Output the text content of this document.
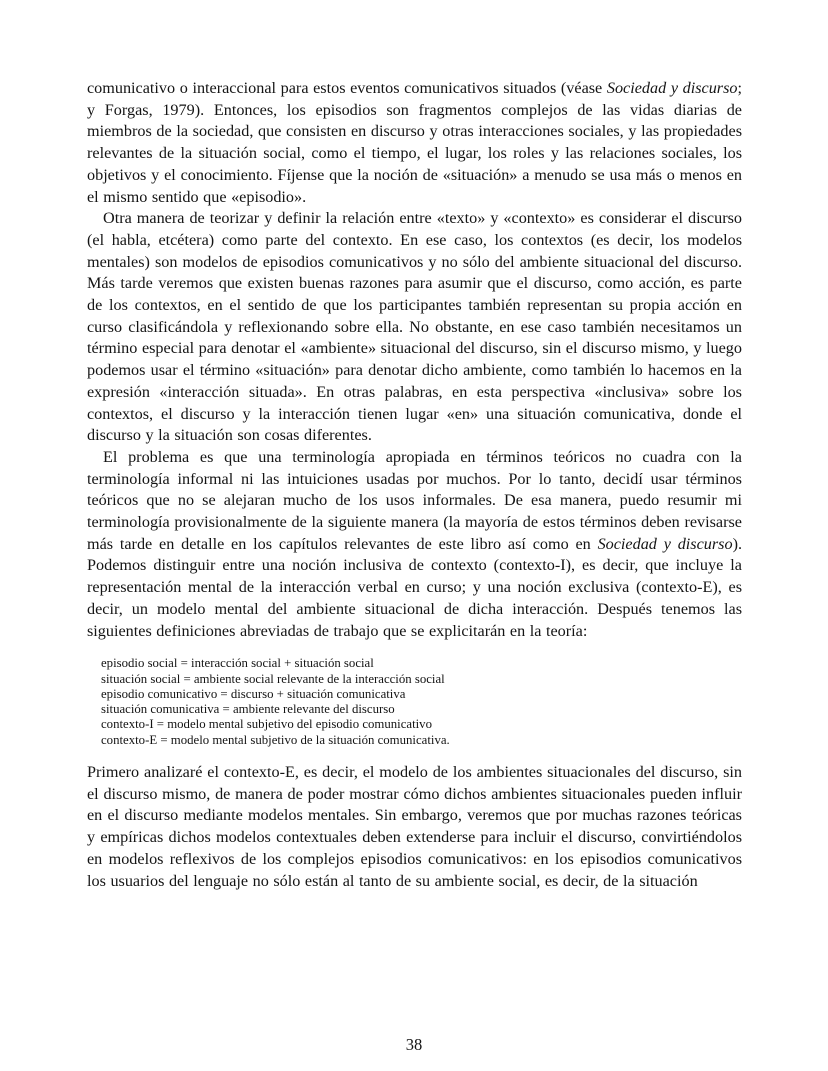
comunicativo o interaccional para estos eventos comunicativos situados (véase Sociedad y discurso; y Forgas, 1979). Entonces, los episodios son fragmentos complejos de las vidas diarias de miembros de la sociedad, que consisten en discurso y otras interacciones sociales, y las propiedades relevantes de la situación social, como el tiempo, el lugar, los roles y las relaciones sociales, los objetivos y el conocimiento. Fíjense que la noción de «situación» a menudo se usa más o menos en el mismo sentido que «episodio».

Otra manera de teorizar y definir la relación entre «texto» y «contexto» es considerar el discurso (el habla, etcétera) como parte del contexto. En ese caso, los contextos (es decir, los modelos mentales) son modelos de episodios comunicativos y no sólo del ambiente situacional del discurso. Más tarde veremos que existen buenas razones para asumir que el discurso, como acción, es parte de los contextos, en el sentido de que los participantes también representan su propia acción en curso clasificándola y reflexionando sobre ella. No obstante, en ese caso también necesitamos un término especial para denotar el «ambiente» situacional del discurso, sin el discurso mismo, y luego podemos usar el término «situación» para denotar dicho ambiente, como también lo hacemos en la expresión «interacción situada». En otras palabras, en esta perspectiva «inclusiva» sobre los contextos, el discurso y la interacción tienen lugar «en» una situación comunicativa, donde el discurso y la situación son cosas diferentes.

El problema es que una terminología apropiada en términos teóricos no cuadra con la terminología informal ni las intuiciones usadas por muchos. Por lo tanto, decidí usar términos teóricos que no se alejaran mucho de los usos informales. De esa manera, puedo resumir mi terminología provisionalmente de la siguiente manera (la mayoría de estos términos deben revisarse más tarde en detalle en los capítulos relevantes de este libro así como en Sociedad y discurso). Podemos distinguir entre una noción inclusiva de contexto (contexto-I), es decir, que incluye la representación mental de la interacción verbal en curso; y una noción exclusiva (contexto-E), es decir, un modelo mental del ambiente situacional de dicha interacción. Después tenemos las siguientes definiciones abreviadas de trabajo que se explicitarán en la teoría:

episodio social = interacción social + situación social
situación social = ambiente social relevante de la interacción social
episodio comunicativo = discurso + situación comunicativa
situación comunicativa = ambiente relevante del discurso
contexto-I = modelo mental subjetivo del episodio comunicativo
contexto-E = modelo mental subjetivo de la situación comunicativa.

Primero analizaré el contexto-E, es decir, el modelo de los ambientes situacionales del discurso, sin el discurso mismo, de manera de poder mostrar cómo dichos ambientes situacionales pueden influir en el discurso mediante modelos mentales. Sin embargo, veremos que por muchas razones teóricas y empíricas dichos modelos contextuales deben extenderse para incluir el discurso, convirtiéndolos en modelos reflexivos de los complejos episodios comunicativos: en los episodios comunicativos los usuarios del lenguaje no sólo están al tanto de su ambiente social, es decir, de la situación

38
